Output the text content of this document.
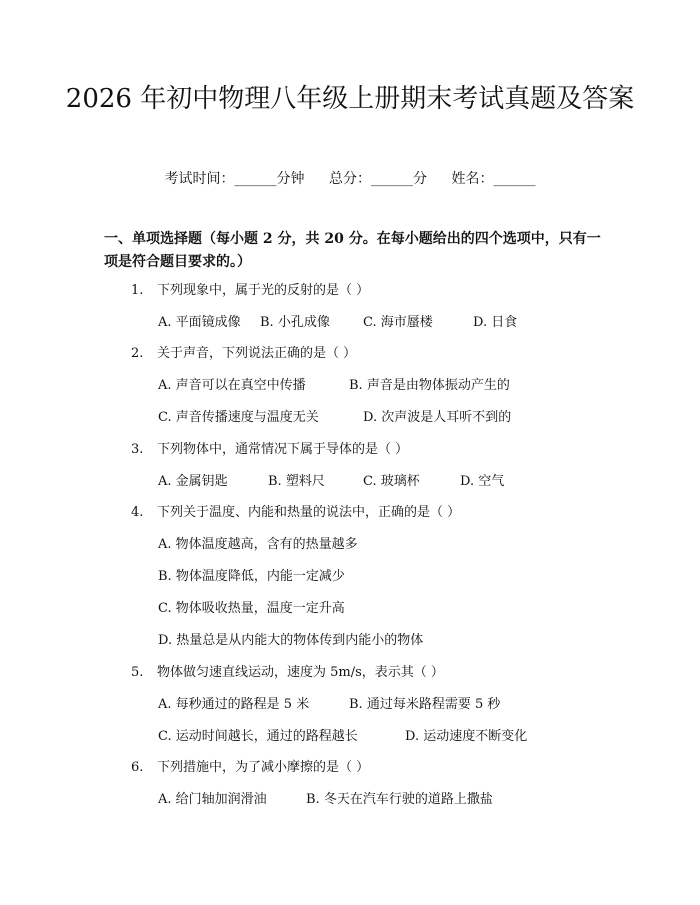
2026 年初中物理八年级上册期末考试真题及答案
考试时间：______分钟 总分：______分 姓名：______
一、单项选择题（每小题 2 分，共 20 分。在每小题给出的四个选项中，只有一项是符合题目要求的。）
1. 下列现象中，属于光的反射的是（ ）
A. 平面镜成像 B. 小孔成像	C. 海市蜃楼	D. 日食
2. 关于声音，下列说法正确的是（ ）
A. 声音可以在真空中传播	B. 声音是由物体振动产生的
C. 声音传播速度与温度无关	D. 次声波是人耳听不到的
3. 下列物体中，通常情况下属于导体的是（ ）
A. 金属钥匙	B. 塑料尺	C. 玻璃杯	D. 空气
4. 下列关于温度、内能和热量的说法中，正确的是（ ）
A. 物体温度越高，含有的热量越多
B. 物体温度降低，内能一定减少
C. 物体吸收热量，温度一定升高
D. 热量总是从内能大的物体传到内能小的物体
5. 物体做匀速直线运动，速度为 5m/s，表示其（ ）
A. 每秒通过的路程是 5 米	B. 通过每米路程需要 5 秒
C. 运动时间越长，通过的路程越长	D. 运动速度不断变化
6. 下列措施中，为了减小摩擦的是（ ）
A. 给门轴加润滑油	B. 冬天在汽车行驶的道路上撒盐
